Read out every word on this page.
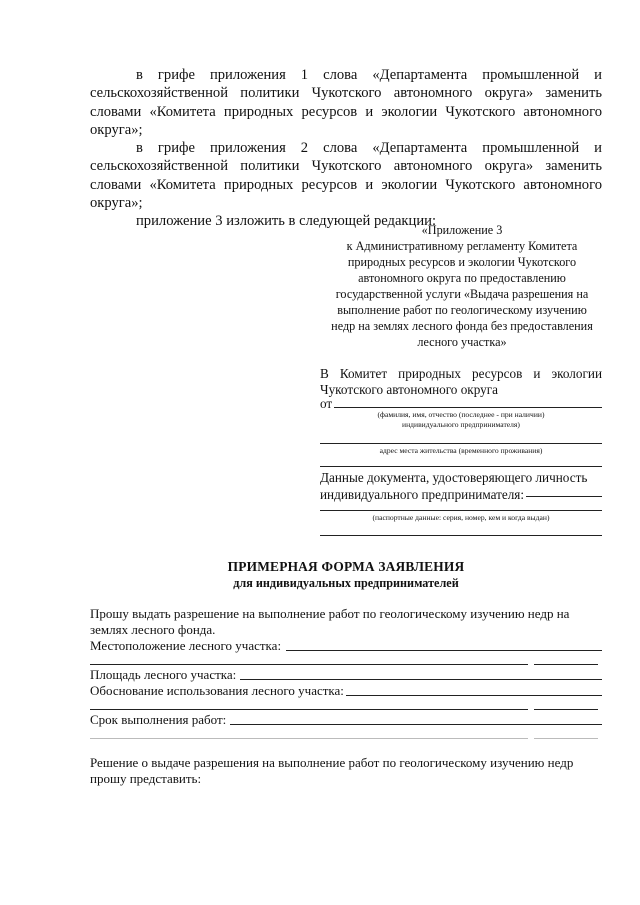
в грифе приложения 1 слова «Департамента промышленной и сельскохозяйственной политики Чукотского автономного округа» заменить словами «Комитета природных ресурсов и экологии Чукотского автономного округа»;

в грифе приложения 2 слова «Департамента промышленной и сельскохозяйственной политики Чукотского автономного округа» заменить словами «Комитета природных ресурсов и экологии Чукотского автономного округа»;

приложение 3 изложить в следующей редакции:

«Приложение 3
к Административному регламенту Комитета
природных ресурсов и экологии Чукотского
автономного округа по предоставлению
государственной услуги «Выдача разрешения на
выполнение работ по геологическому изучению
недр на землях лесного фонда без предоставления
лесного участка»
В Комитет природных ресурсов и экологии
Чукотского автономного округа
от
(фамилия, имя, отчество (последнее - при наличии)
индивидуального предпринимателя)
адрес места жительства (временного проживания)
Данные документа, удостоверяющего личность
индивидуального предпринимателя:
(паспортные данные: серия, номер, кем и когда выдан)

ПРИМЕРНАЯ ФОРМА ЗАЯВЛЕНИЯ

для индивидуальных предпринимателей

Прошу выдать разрешение на выполнение работ по геологическому изучению недр на
землях лесного фонда.
Местоположение лесного участка:
Площадь лесного участка:
Обоснование использования лесного участка:
Срок выполнения работ:
Решение о выдаче разрешения на выполнение работ по геологическому изучению недр
прошу представить:
